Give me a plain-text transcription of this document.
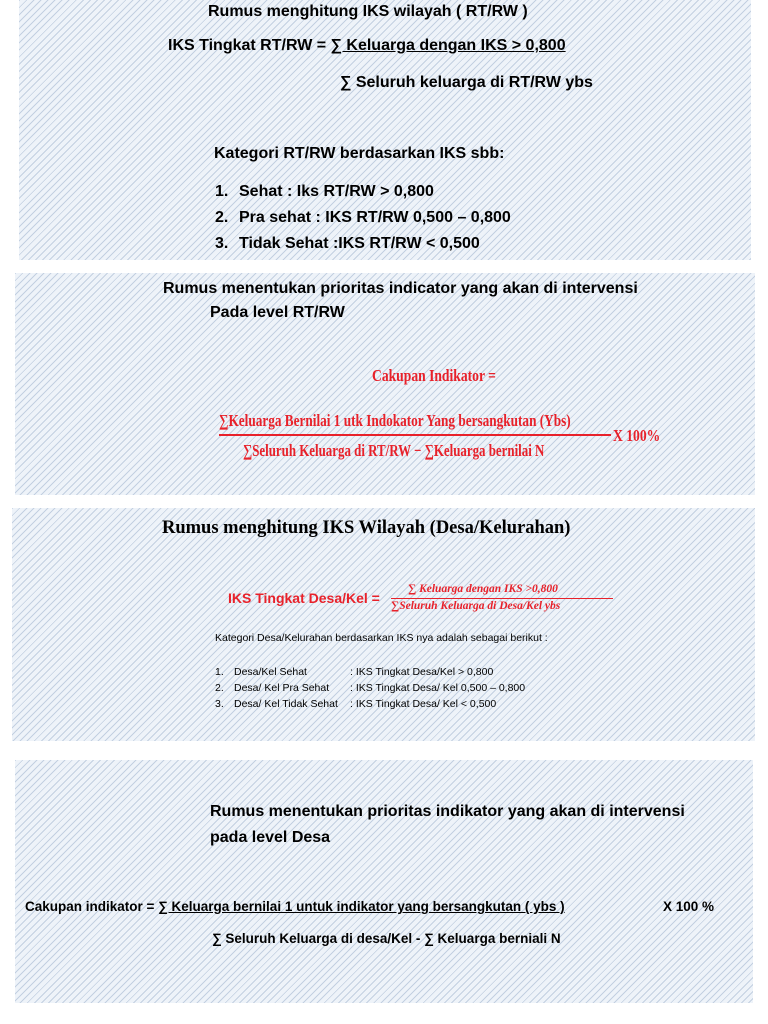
Rumus menghitung IKS wilayah ( RT/RW )
IKS Tingkat RT/RW = ∑ Keluarga dengan IKS > 0,800
∑ Seluruh keluarga di RT/RW ybs
Kategori RT/RW berdasarkan IKS sbb:
1. Sehat : Iks RT/RW > 0,800
2. Pra sehat : IKS RT/RW 0,500 – 0,800
3. Tidak Sehat :IKS RT/RW < 0,500
Rumus menentukan prioritas indicator yang akan di intervensi
Pada level RT/RW
Cakupan Indikator =
∑Keluarga Bernilai 1 utk Indokator Yang bersangkutan (Ybs)
X 100%
∑Seluruh Keluarga di RT/RW − ∑Keluarga bernilai N
Rumus menghitung IKS Wilayah (Desa/Kelurahan)
IKS Tingkat Desa/Kel =
∑ Keluarga dengan IKS >0,800
∑Seluruh Keluarga di Desa/Kel ybs
Kategori Desa/Kelurahan berdasarkan IKS nya adalah sebagai berikut :
1. Desa/Kel Sehat	: IKS Tingkat Desa/Kel > 0,800
2. Desa/ Kel Pra Sehat : IKS Tingkat Desa/ Kel 0,500 – 0,800
3. Desa/ Kel Tidak Sehat : IKS Tingkat Desa/ Kel < 0,500
Rumus menentukan prioritas indikator yang akan di intervensi
pada level Desa
Cakupan indikator = ∑ Keluarga bernilai 1 untuk indikator yang bersangkutan ( ybs )	X 100 %
∑ Seluruh Keluarga di desa/Kel - ∑ Keluarga berniali N
